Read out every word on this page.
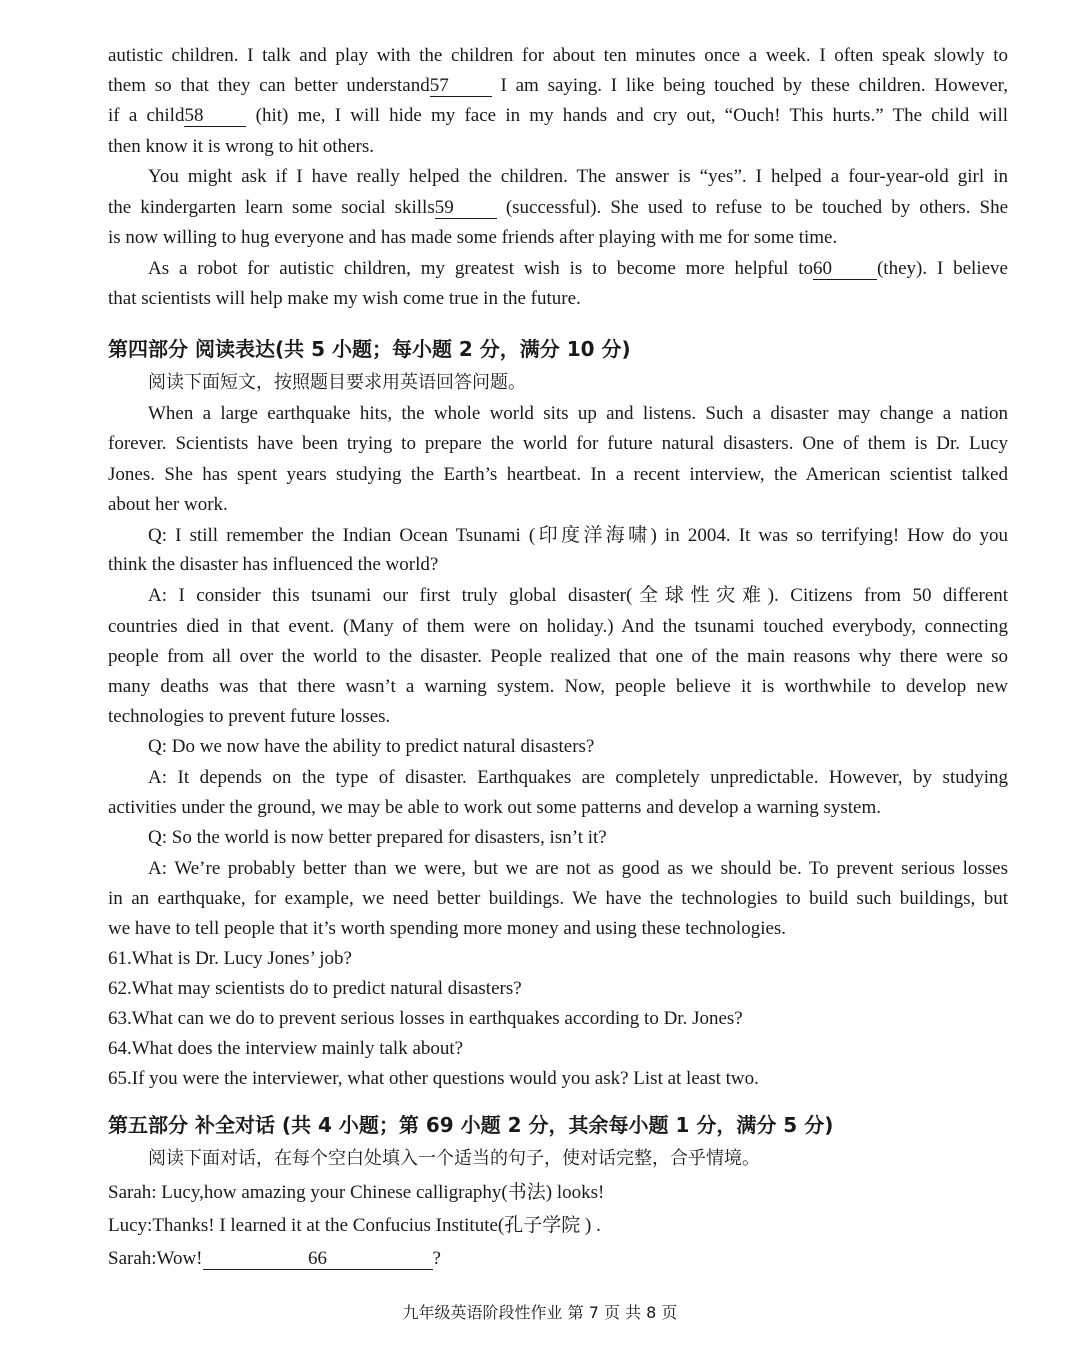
autistic children. I talk and play with the children for about ten minutes once a week. I often speak slowly to
them so that they can better understand57	I am saying. I like being touched by these children. However,
if a child58	(hit) me, I will hide my face in my hands and cry out, “Ouch! This hurts.” The child will
then know it is wrong to hit others.
You might ask if I have really helped the children. The answer is “yes”. I helped a four-year-old girl in
the kindergarten learn some social skills59	(successful). She used to refuse to be touched by others. She
is now willing to hug everyone and has made some friends after playing with me for some time.
As a robot for autistic children, my greatest wish is to become more helpful to60 (they). I believe
that scientists will help make my wish come true in the future.
第四部分 阅读表达(共 5 小题；每小题 2 分，满分 10 分)
阅读下面短文，按照题目要求用英语回答问题。
When a large earthquake hits, the whole world sits up and listens. Such a disaster may change a nation
forever. Scientists have been trying to prepare the world for future natural disasters. One of them is Dr. Lucy
Jones. She has spent years studying the Earth’s heartbeat. In a recent interview, the American scientist talked
about her work.
Q: I still remember the Indian Ocean Tsunami (印度洋海啸) in 2004. It was so terrifying! How do you
think the disaster has influenced the world?
A: I consider this tsunami our first truly global disaster(全球性灾难). Citizens from 50 different
countries died in that event. (Many of them were on holiday.) And the tsunami touched everybody, connecting
people from all over the world to the disaster. People realized that one of the main reasons why there were so
many deaths was that there wasn’t a warning system. Now, people believe it is worthwhile to develop new
technologies to prevent future losses.
Q: Do we now have the ability to predict natural disasters?
A: It depends on the type of disaster. Earthquakes are completely unpredictable. However, by studying
activities under the ground, we may be able to work out some patterns and develop a warning system.
Q: So the world is now better prepared for disasters, isn’t it?
A: We’re probably better than we were, but we are not as good as we should be. To prevent serious losses
in an earthquake, for example, we need better buildings. We have the technologies to build such buildings, but
we have to tell people that it’s worth spending more money and using these technologies.
61.What is Dr. Lucy Jones’ job?
62.What may scientists do to predict natural disasters?
63.What can we do to prevent serious losses in earthquakes according to Dr. Jones?
64.What does the interview mainly talk about?
65.If you were the interviewer, what other questions would you ask? List at least two.
第五部分 补全对话 (共 4 小题；第 69 小题 2 分，其余每小题 1 分，满分 5 分)
阅读下面对话，在每个空白处填入一个适当的句子，使对话完整，合乎情境。
Sarah: Lucy,how amazing your Chinese calligraphy(书法) looks!
Lucy:Thanks! I learned it at the Confucius Institute(孔子学院 ) .
Sarah:Wow!	66	?
九年级英语阶段性作业 第 7 页 共 8 页
